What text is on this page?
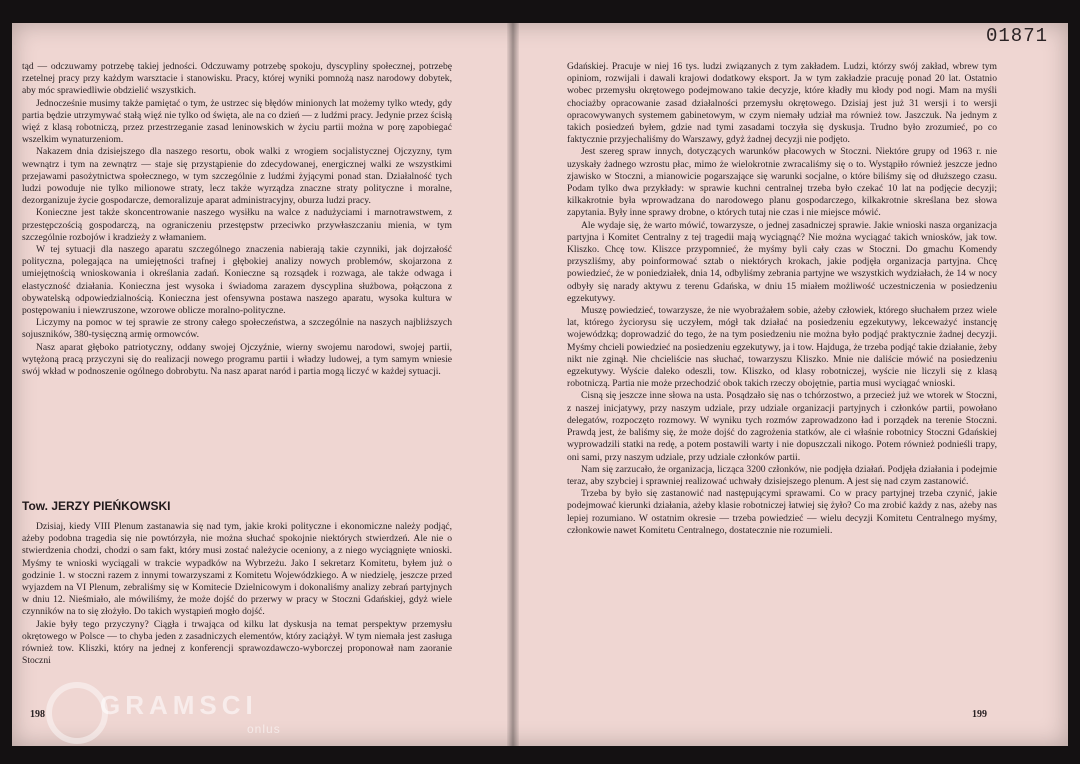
01871

tąd — odczuwamy potrzebę takiej jedności. Odczuwamy potrzebę spokoju, dyscypliny społecznej, potrzebę rzetelnej pracy przy każdym warsztacie i stanowisku. Pracy, której wyniki pomnożą nasz narodowy dobytek, aby móc sprawiedliwie obdzielić wszystkich.

Jednocześnie musimy także pamiętać o tym, że ustrzec się błędów minionych lat możemy tylko wtedy, gdy partia będzie utrzymywać stałą więź nie tylko od święta, ale na co dzień — z ludźmi pracy. Jedynie przez ścisłą więź z klasą robotniczą, przez przestrzeganie zasad leninowskich w życiu partii można w porę zapobiegać wszelkim wynaturzeniom.

Nakazem dnia dzisiejszego dla naszego resortu, obok walki z wrogiem socjalistycznej Ojczyzny, tym wewnątrz i tym na zewnątrz — staje się przystąpienie do zdecydowanej, energicznej walki ze wszystkimi przejawami pasożytnictwa społecznego, w tym szczególnie z ludźmi żyjącymi ponad stan. Działalność tych ludzi powoduje nie tylko milionowe straty, lecz także wyrządza znaczne straty polityczne i moralne, dezorganizuje życie gospodarcze, demoralizuje aparat administracyjny, oburza ludzi pracy.

Konieczne jest także skoncentrowanie naszego wysiłku na walce z nadużyciami i marnotrawstwem, z przestępczością gospodarczą, na ograniczeniu przestępstw przeciwko przywłaszczaniu mienia, w tym szczególnie rozbojów i kradzieży z włamaniem.

W tej sytuacji dla naszego aparatu szczególnego znaczenia nabierają takie czynniki, jak dojrzałość polityczna, polegająca na umiejętności trafnej i głębokiej analizy nowych problemów, skojarzona z umiejętnością wnioskowania i określania zadań. Konieczne są rozsądek i rozwaga, ale także odwaga i elastyczność działania. Konieczna jest wysoka i świadoma zarazem dyscyplina służbowa, połączona z obywatelską odpowiedzialnością. Konieczna jest ofensywna postawa naszego aparatu, wysoka kultura w postępowaniu i niewzruszone, wzorowe oblicze moralno-polityczne.

Liczymy na pomoc w tej sprawie ze strony całego społeczeństwa, a szczególnie na naszych najbliższych sojuszników, 380-tysięczną armię ormowców.

Nasz aparat głęboko patriotyczny, oddany swojej Ojczyźnie, wierny swojemu narodowi, swojej partii, wytężoną pracą przyczyni się do realizacji nowego programu partii i władzy ludowej, a tym samym wniesie swój wkład w podnoszenie ogólnego dobrobytu. Na nasz aparat naród i partia mogą liczyć w każdej sytuacji.

Tow. JERZY PIEŃKOWSKI

Dzisiaj, kiedy VIII Plenum zastanawia się nad tym, jakie kroki polityczne i ekonomiczne należy podjąć, ażeby podobna tragedia się nie powtórzyła, nie można słuchać spokojnie niektórych stwierdzeń. Ale nie o stwierdzenia chodzi, chodzi o sam fakt, który musi zostać należycie oceniony, a z niego wyciągnięte wnioski. Myśmy te wnioski wyciągali w trakcie wypadków na Wybrzeżu. Jako I sekretarz Komitetu, byłem już o godzinie 1. w stoczni razem z innymi towarzyszami z Komitetu Wojewódzkiego. A w niedzielę, jeszcze przed wyjazdem na VI Plenum, zebraliśmy się w Komitecie Dzielnicowym i dokonaliśmy analizy zebrań partyjnych w dniu 12. Nieśmiało, ale mówiliśmy, że może dojść do przerwy w pracy w Stoczni Gdańskiej, gdyż wiele czynników na to się złożyło. Do takich wystąpień mogło dojść.

Jakie były tego przyczyny? Ciągła i trwająca od kilku lat dyskusja na temat perspektyw przemysłu okrętowego w Polsce — to chyba jeden z zasadniczych elementów, który zaciążył. W tym niemała jest zasługa również tow. Kliszki, który na jednej z konferencji sprawozdawczo-wyborczej proponował nam zaoranie Stoczni

198

Gdańskiej. Pracuje w niej 16 tys. ludzi związanych z tym zakładem. Ludzi, którzy swój zakład, wbrew tym opiniom, rozwijali i dawali krajowi dodatkowy eksport. Ja w tym zakładzie pracuję ponad 20 lat. Ostatnio wobec przemysłu okrętowego podejmowano takie decyzje, które kładły mu kłody pod nogi. Mam na myśli chociażby opracowanie zasad działalności przemysłu okrętowego. Dzisiaj jest już 31 wersji i to wersji opracowywanych systemem gabinetowym, w czym niemały udział ma również tow. Jaszczuk. Na jednym z takich posiedzeń byłem, gdzie nad tymi zasadami toczyła się dyskusja. Trudno było zrozumieć, po co faktycznie przyjechaliśmy do Warszawy, gdyż żadnej decyzji nie podjęto.

Jest szereg spraw innych, dotyczących warunków płacowych w Stoczni. Niektóre grupy od 1963 r. nie uzyskały żadnego wzrostu płac, mimo że wielokrotnie zwracaliśmy się o to. Wystąpiło również jeszcze jedno zjawisko w Stoczni, a mianowicie pogarszające się warunki socjalne, o które biliśmy się od dłuższego czasu. Podam tylko dwa przykłady: w sprawie kuchni centralnej trzeba było czekać 10 lat na podjęcie decyzji; kilkakrotnie była wprowadzana do narodowego planu gospodarczego, kilkakrotnie skreślana bez słowa zapytania. Były inne sprawy drobne, o których tutaj nie czas i nie miejsce mówić.

Ale wydaje się, że warto mówić, towarzysze, o jednej zasadniczej sprawie. Jakie wnioski nasza organizacja partyjna i Komitet Centralny z tej tragedii mają wyciągnąć? Nie można wyciągać takich wniosków, jak tow. Kliszko. Chcę tow. Kliszce przypomnieć, że myśmy byli cały czas w Stoczni. Do gmachu Komendy przyszliśmy, aby poinformować sztab o niektórych krokach, jakie podjęła organizacja partyjna. Chcę powiedzieć, że w poniedziałek, dnia 14, odbyliśmy zebrania partyjne we wszystkich wydziałach, że 14 w nocy odbyły się narady aktywu z terenu Gdańska, w dniu 15 miałem możliwość uczestniczenia w posiedzeniu egzekutywy.

Muszę powiedzieć, towarzysze, że nie wyobrażałem sobie, ażeby człowiek, którego słuchałem przez wiele lat, którego życiorysu się uczyłem, mógł tak działać na posiedzeniu egzekutywy, lekceważyć instancję wojewódzką; doprowadzić do tego, że na tym posiedzeniu nie można było podjąć praktycznie żadnej decyzji. Myśmy chcieli powiedzieć na posiedzeniu egzekutywy, ja i tow. Hajduga, że trzeba podjąć takie działanie, żeby nikt nie zginął. Nie chcieliście nas słuchać, towarzyszu Kliszko. Mnie nie daliście mówić na posiedzeniu egzekutywy. Wyście daleko odeszli, tow. Kliszko, od klasy robotniczej, wyście nie liczyli się z klasą robotniczą. Partia nie może przechodzić obok takich rzeczy obojętnie, partia musi wyciągać wnioski.

Cisną się jeszcze inne słowa na usta. Posądzało się nas o tchórzostwo, a przecież już we wtorek w Stoczni, z naszej inicjatywy, przy naszym udziale, przy udziale organizacji partyjnych i członków partii, powołano delegatów, rozpoczęto rozmowy. W wyniku tych rozmów zaprowadzono ład i porządek na terenie Stoczni. Prawdą jest, że baliśmy się, że może dojść do zagrożenia statków, ale ci właśnie robotnicy Stoczni Gdańskiej wyprowadzili statki na redę, a potem postawili warty i nie dopuszczali nikogo. Potem również podnieśli trapy, oni sami, przy naszym udziale, przy udziale członków partii.

Nam się zarzucało, że organizacja, licząca 3200 członków, nie podjęła działań. Podjęła działania i podejmie teraz, aby szybciej i sprawniej realizować uchwały dzisiejszego plenum. A jest się nad czym zastanowić.

Trzeba by było się zastanowić nad następującymi sprawami. Co w pracy partyjnej trzeba czynić, jakie podejmować kierunki działania, ażeby klasie robotniczej łatwiej się żyło? Co ma zrobić każdy z nas, ażeby nas lepiej rozumiano. W ostatnim okresie — trzeba powiedzieć — wielu decyzji Komitetu Centralnego myśmy, członkowie nawet Komitetu Centralnego, dostatecznie nie rozumieli.

199
GRAMSCI
onlus
